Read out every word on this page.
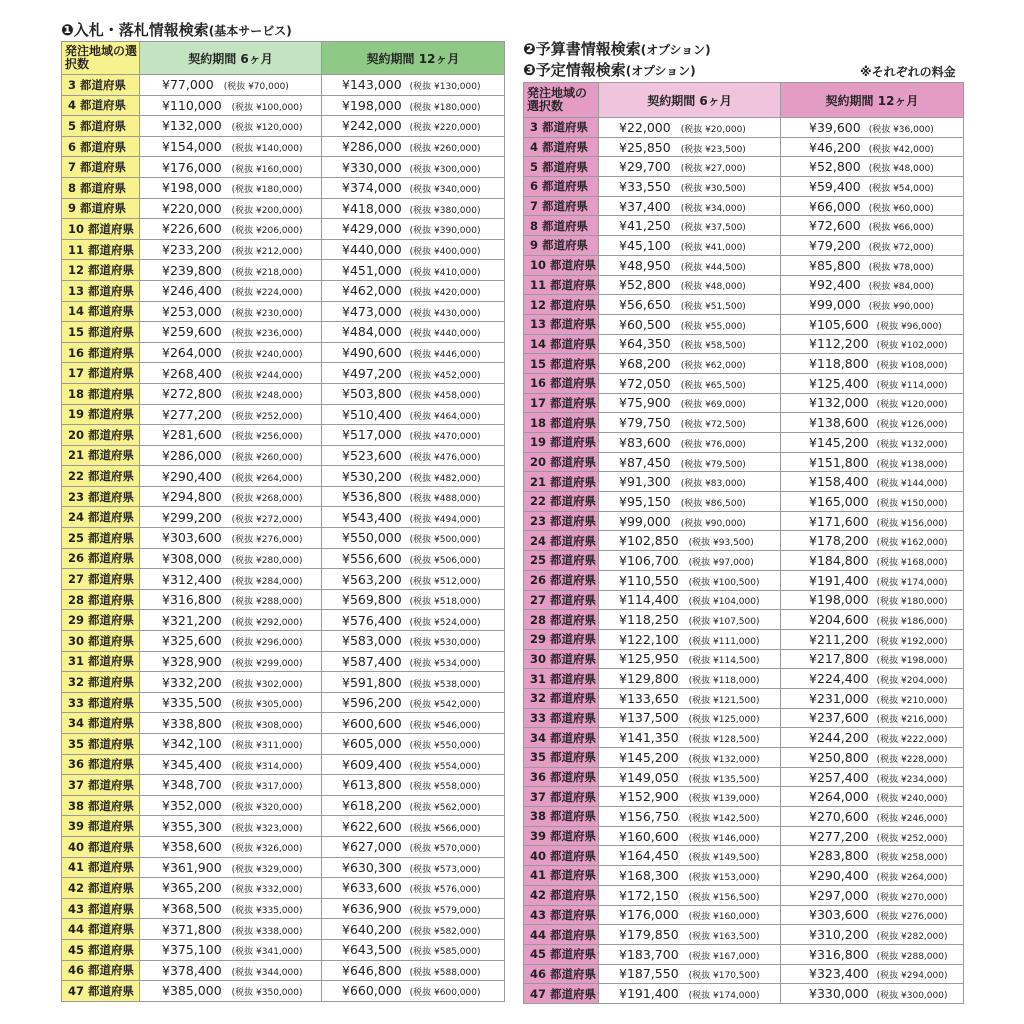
❶入札・落札情報検索(基本サービス)
発注地域の選択数	契約期間 6ヶ月	契約期間 12ヶ月
3 都道府県	¥77,000 (税抜 ¥70,000)	¥143,000 (税抜 ¥130,000)
4 都道府県	¥110,000 (税抜 ¥100,000)	¥198,000 (税抜 ¥180,000)
5 都道府県	¥132,000 (税抜 ¥120,000)	¥242,000 (税抜 ¥220,000)
6 都道府県	¥154,000 (税抜 ¥140,000)	¥286,000 (税抜 ¥260,000)
7 都道府県	¥176,000 (税抜 ¥160,000)	¥330,000 (税抜 ¥300,000)
8 都道府県	¥198,000 (税抜 ¥180,000)	¥374,000 (税抜 ¥340,000)
9 都道府県	¥220,000 (税抜 ¥200,000)	¥418,000 (税抜 ¥380,000)
10 都道府県	¥226,600 (税抜 ¥206,000)	¥429,000 (税抜 ¥390,000)
11 都道府県	¥233,200 (税抜 ¥212,000)	¥440,000 (税抜 ¥400,000)
12 都道府県	¥239,800 (税抜 ¥218,000)	¥451,000 (税抜 ¥410,000)
13 都道府県	¥246,400 (税抜 ¥224,000)	¥462,000 (税抜 ¥420,000)
14 都道府県	¥253,000 (税抜 ¥230,000)	¥473,000 (税抜 ¥430,000)
15 都道府県	¥259,600 (税抜 ¥236,000)	¥484,000 (税抜 ¥440,000)
16 都道府県	¥264,000 (税抜 ¥240,000)	¥490,600 (税抜 ¥446,000)
17 都道府県	¥268,400 (税抜 ¥244,000)	¥497,200 (税抜 ¥452,000)
18 都道府県	¥272,800 (税抜 ¥248,000)	¥503,800 (税抜 ¥458,000)
19 都道府県	¥277,200 (税抜 ¥252,000)	¥510,400 (税抜 ¥464,000)
20 都道府県	¥281,600 (税抜 ¥256,000)	¥517,000 (税抜 ¥470,000)
21 都道府県	¥286,000 (税抜 ¥260,000)	¥523,600 (税抜 ¥476,000)
22 都道府県	¥290,400 (税抜 ¥264,000)	¥530,200 (税抜 ¥482,000)
23 都道府県	¥294,800 (税抜 ¥268,000)	¥536,800 (税抜 ¥488,000)
24 都道府県	¥299,200 (税抜 ¥272,000)	¥543,400 (税抜 ¥494,000)
25 都道府県	¥303,600 (税抜 ¥276,000)	¥550,000 (税抜 ¥500,000)
26 都道府県	¥308,000 (税抜 ¥280,000)	¥556,600 (税抜 ¥506,000)
27 都道府県	¥312,400 (税抜 ¥284,000)	¥563,200 (税抜 ¥512,000)
28 都道府県	¥316,800 (税抜 ¥288,000)	¥569,800 (税抜 ¥518,000)
29 都道府県	¥321,200 (税抜 ¥292,000)	¥576,400 (税抜 ¥524,000)
30 都道府県	¥325,600 (税抜 ¥296,000)	¥583,000 (税抜 ¥530,000)
31 都道府県	¥328,900 (税抜 ¥299,000)	¥587,400 (税抜 ¥534,000)
32 都道府県	¥332,200 (税抜 ¥302,000)	¥591,800 (税抜 ¥538,000)
33 都道府県	¥335,500 (税抜 ¥305,000)	¥596,200 (税抜 ¥542,000)
34 都道府県	¥338,800 (税抜 ¥308,000)	¥600,600 (税抜 ¥546,000)
35 都道府県	¥342,100 (税抜 ¥311,000)	¥605,000 (税抜 ¥550,000)
36 都道府県	¥345,400 (税抜 ¥314,000)	¥609,400 (税抜 ¥554,000)
37 都道府県	¥348,700 (税抜 ¥317,000)	¥613,800 (税抜 ¥558,000)
38 都道府県	¥352,000 (税抜 ¥320,000)	¥618,200 (税抜 ¥562,000)
39 都道府県	¥355,300 (税抜 ¥323,000)	¥622,600 (税抜 ¥566,000)
40 都道府県	¥358,600 (税抜 ¥326,000)	¥627,000 (税抜 ¥570,000)
41 都道府県	¥361,900 (税抜 ¥329,000)	¥630,300 (税抜 ¥573,000)
42 都道府県	¥365,200 (税抜 ¥332,000)	¥633,600 (税抜 ¥576,000)
43 都道府県	¥368,500 (税抜 ¥335,000)	¥636,900 (税抜 ¥579,000)
44 都道府県	¥371,800 (税抜 ¥338,000)	¥640,200 (税抜 ¥582,000)
45 都道府県	¥375,100 (税抜 ¥341,000)	¥643,500 (税抜 ¥585,000)
46 都道府県	¥378,400 (税抜 ¥344,000)	¥646,800 (税抜 ¥588,000)
47 都道府県	¥385,000 (税抜 ¥350,000)	¥660,000 (税抜 ¥600,000)
❷予算書情報検索(オプション)
❸予定情報検索(オプション)	※それぞれの料金
発注地域の選択数	契約期間 6ヶ月	契約期間 12ヶ月
3 都道府県	¥22,000 (税抜 ¥20,000)	¥39,600 (税抜 ¥36,000)
4 都道府県	¥25,850 (税抜 ¥23,500)	¥46,200 (税抜 ¥42,000)
5 都道府県	¥29,700 (税抜 ¥27,000)	¥52,800 (税抜 ¥48,000)
6 都道府県	¥33,550 (税抜 ¥30,500)	¥59,400 (税抜 ¥54,000)
7 都道府県	¥37,400 (税抜 ¥34,000)	¥66,000 (税抜 ¥60,000)
8 都道府県	¥41,250 (税抜 ¥37,500)	¥72,600 (税抜 ¥66,000)
9 都道府県	¥45,100 (税抜 ¥41,000)	¥79,200 (税抜 ¥72,000)
10 都道府県	¥48,950 (税抜 ¥44,500)	¥85,800 (税抜 ¥78,000)
11 都道府県	¥52,800 (税抜 ¥48,000)	¥92,400 (税抜 ¥84,000)
12 都道府県	¥56,650 (税抜 ¥51,500)	¥99,000 (税抜 ¥90,000)
13 都道府県	¥60,500 (税抜 ¥55,000)	¥105,600 (税抜 ¥96,000)
14 都道府県	¥64,350 (税抜 ¥58,500)	¥112,200 (税抜 ¥102,000)
15 都道府県	¥68,200 (税抜 ¥62,000)	¥118,800 (税抜 ¥108,000)
16 都道府県	¥72,050 (税抜 ¥65,500)	¥125,400 (税抜 ¥114,000)
17 都道府県	¥75,900 (税抜 ¥69,000)	¥132,000 (税抜 ¥120,000)
18 都道府県	¥79,750 (税抜 ¥72,500)	¥138,600 (税抜 ¥126,000)
19 都道府県	¥83,600 (税抜 ¥76,000)	¥145,200 (税抜 ¥132,000)
20 都道府県	¥87,450 (税抜 ¥79,500)	¥151,800 (税抜 ¥138,000)
21 都道府県	¥91,300 (税抜 ¥83,000)	¥158,400 (税抜 ¥144,000)
22 都道府県	¥95,150 (税抜 ¥86,500)	¥165,000 (税抜 ¥150,000)
23 都道府県	¥99,000 (税抜 ¥90,000)	¥171,600 (税抜 ¥156,000)
24 都道府県	¥102,850 (税抜 ¥93,500)	¥178,200 (税抜 ¥162,000)
25 都道府県	¥106,700 (税抜 ¥97,000)	¥184,800 (税抜 ¥168,000)
26 都道府県	¥110,550 (税抜 ¥100,500)	¥191,400 (税抜 ¥174,000)
27 都道府県	¥114,400 (税抜 ¥104,000)	¥198,000 (税抜 ¥180,000)
28 都道府県	¥118,250 (税抜 ¥107,500)	¥204,600 (税抜 ¥186,000)
29 都道府県	¥122,100 (税抜 ¥111,000)	¥211,200 (税抜 ¥192,000)
30 都道府県	¥125,950 (税抜 ¥114,500)	¥217,800 (税抜 ¥198,000)
31 都道府県	¥129,800 (税抜 ¥118,000)	¥224,400 (税抜 ¥204,000)
32 都道府県	¥133,650 (税抜 ¥121,500)	¥231,000 (税抜 ¥210,000)
33 都道府県	¥137,500 (税抜 ¥125,000)	¥237,600 (税抜 ¥216,000)
34 都道府県	¥141,350 (税抜 ¥128,500)	¥244,200 (税抜 ¥222,000)
35 都道府県	¥145,200 (税抜 ¥132,000)	¥250,800 (税抜 ¥228,000)
36 都道府県	¥149,050 (税抜 ¥135,500)	¥257,400 (税抜 ¥234,000)
37 都道府県	¥152,900 (税抜 ¥139,000)	¥264,000 (税抜 ¥240,000)
38 都道府県	¥156,750 (税抜 ¥142,500)	¥270,600 (税抜 ¥246,000)
39 都道府県	¥160,600 (税抜 ¥146,000)	¥277,200 (税抜 ¥252,000)
40 都道府県	¥164,450 (税抜 ¥149,500)	¥283,800 (税抜 ¥258,000)
41 都道府県	¥168,300 (税抜 ¥153,000)	¥290,400 (税抜 ¥264,000)
42 都道府県	¥172,150 (税抜 ¥156,500)	¥297,000 (税抜 ¥270,000)
43 都道府県	¥176,000 (税抜 ¥160,000)	¥303,600 (税抜 ¥276,000)
44 都道府県	¥179,850 (税抜 ¥163,500)	¥310,200 (税抜 ¥282,000)
45 都道府県	¥183,700 (税抜 ¥167,000)	¥316,800 (税抜 ¥288,000)
46 都道府県	¥187,550 (税抜 ¥170,500)	¥323,400 (税抜 ¥294,000)
47 都道府県	¥191,400 (税抜 ¥174,000)	¥330,000 (税抜 ¥300,000)
